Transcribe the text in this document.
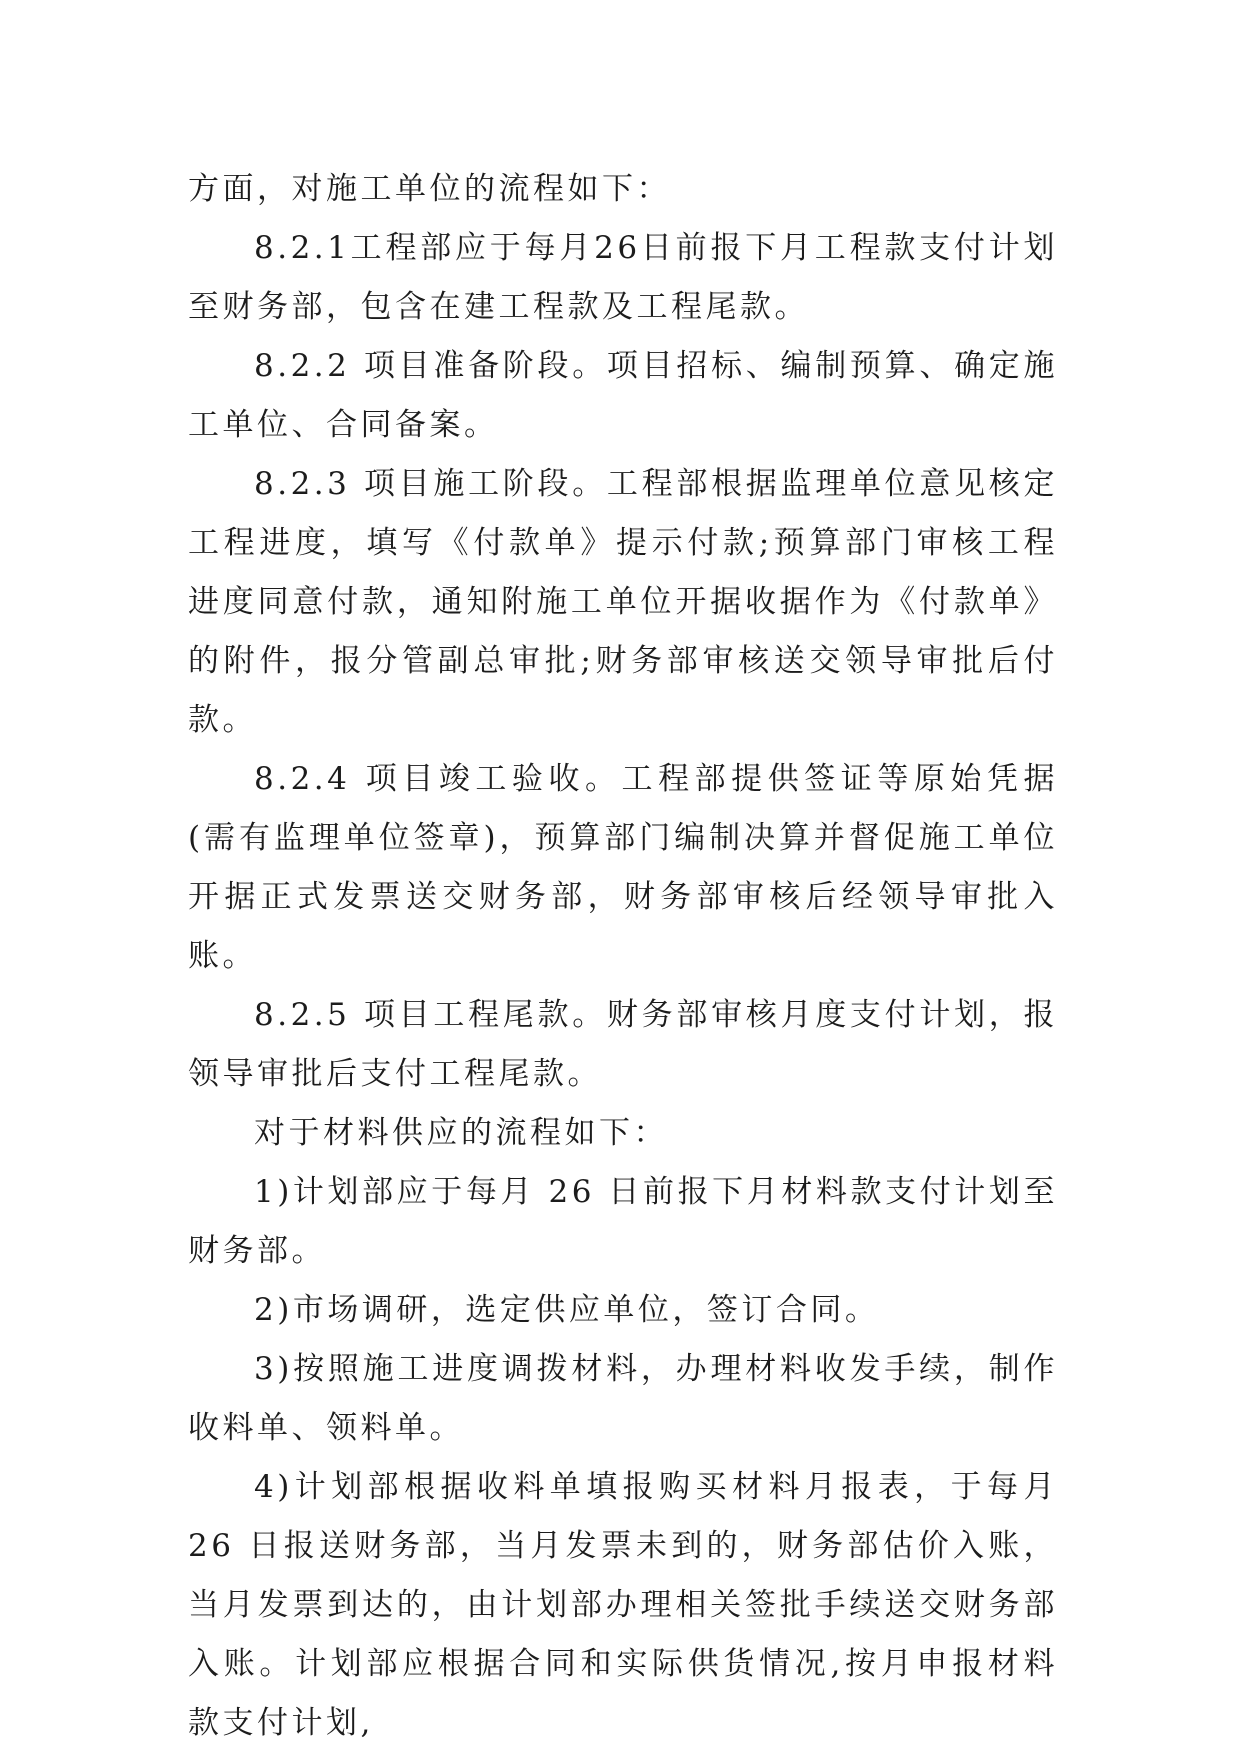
方面，对施工单位的流程如下：

8.2.1工程部应于每月26日前报下月工程款支付计划至财务部，包含在建工程款及工程尾款。

8.2.2 项目准备阶段。项目招标、编制预算、确定施工单位、合同备案。

8.2.3 项目施工阶段。工程部根据监理单位意见核定工程进度，填写《付款单》提示付款;预算部门审核工程进度同意付款，通知附施工单位开据收据作为《付款单》的附件，报分管副总审批;财务部审核送交领导审批后付款。

8.2.4 项目竣工验收。工程部提供签证等原始凭据(需有监理单位签章)，预算部门编制决算并督促施工单位开据正式发票送交财务部，财务部审核后经领导审批入账。

8.2.5 项目工程尾款。财务部审核月度支付计划，报领导审批后支付工程尾款。

对于材料供应的流程如下：

1)计划部应于每月 26 日前报下月材料款支付计划至财务部。

2)市场调研，选定供应单位，签订合同。

3)按照施工进度调拨材料，办理材料收发手续，制作收料单、领料单。

4)计划部根据收料单填报购买材料月报表，于每月 26 日报送财务部，当月发票未到的，财务部估价入账，当月发票到达的，由计划部办理相关签批手续送交财务部入账。计划部应根据合同和实际供货情况,按月申报材料款支付计划,
